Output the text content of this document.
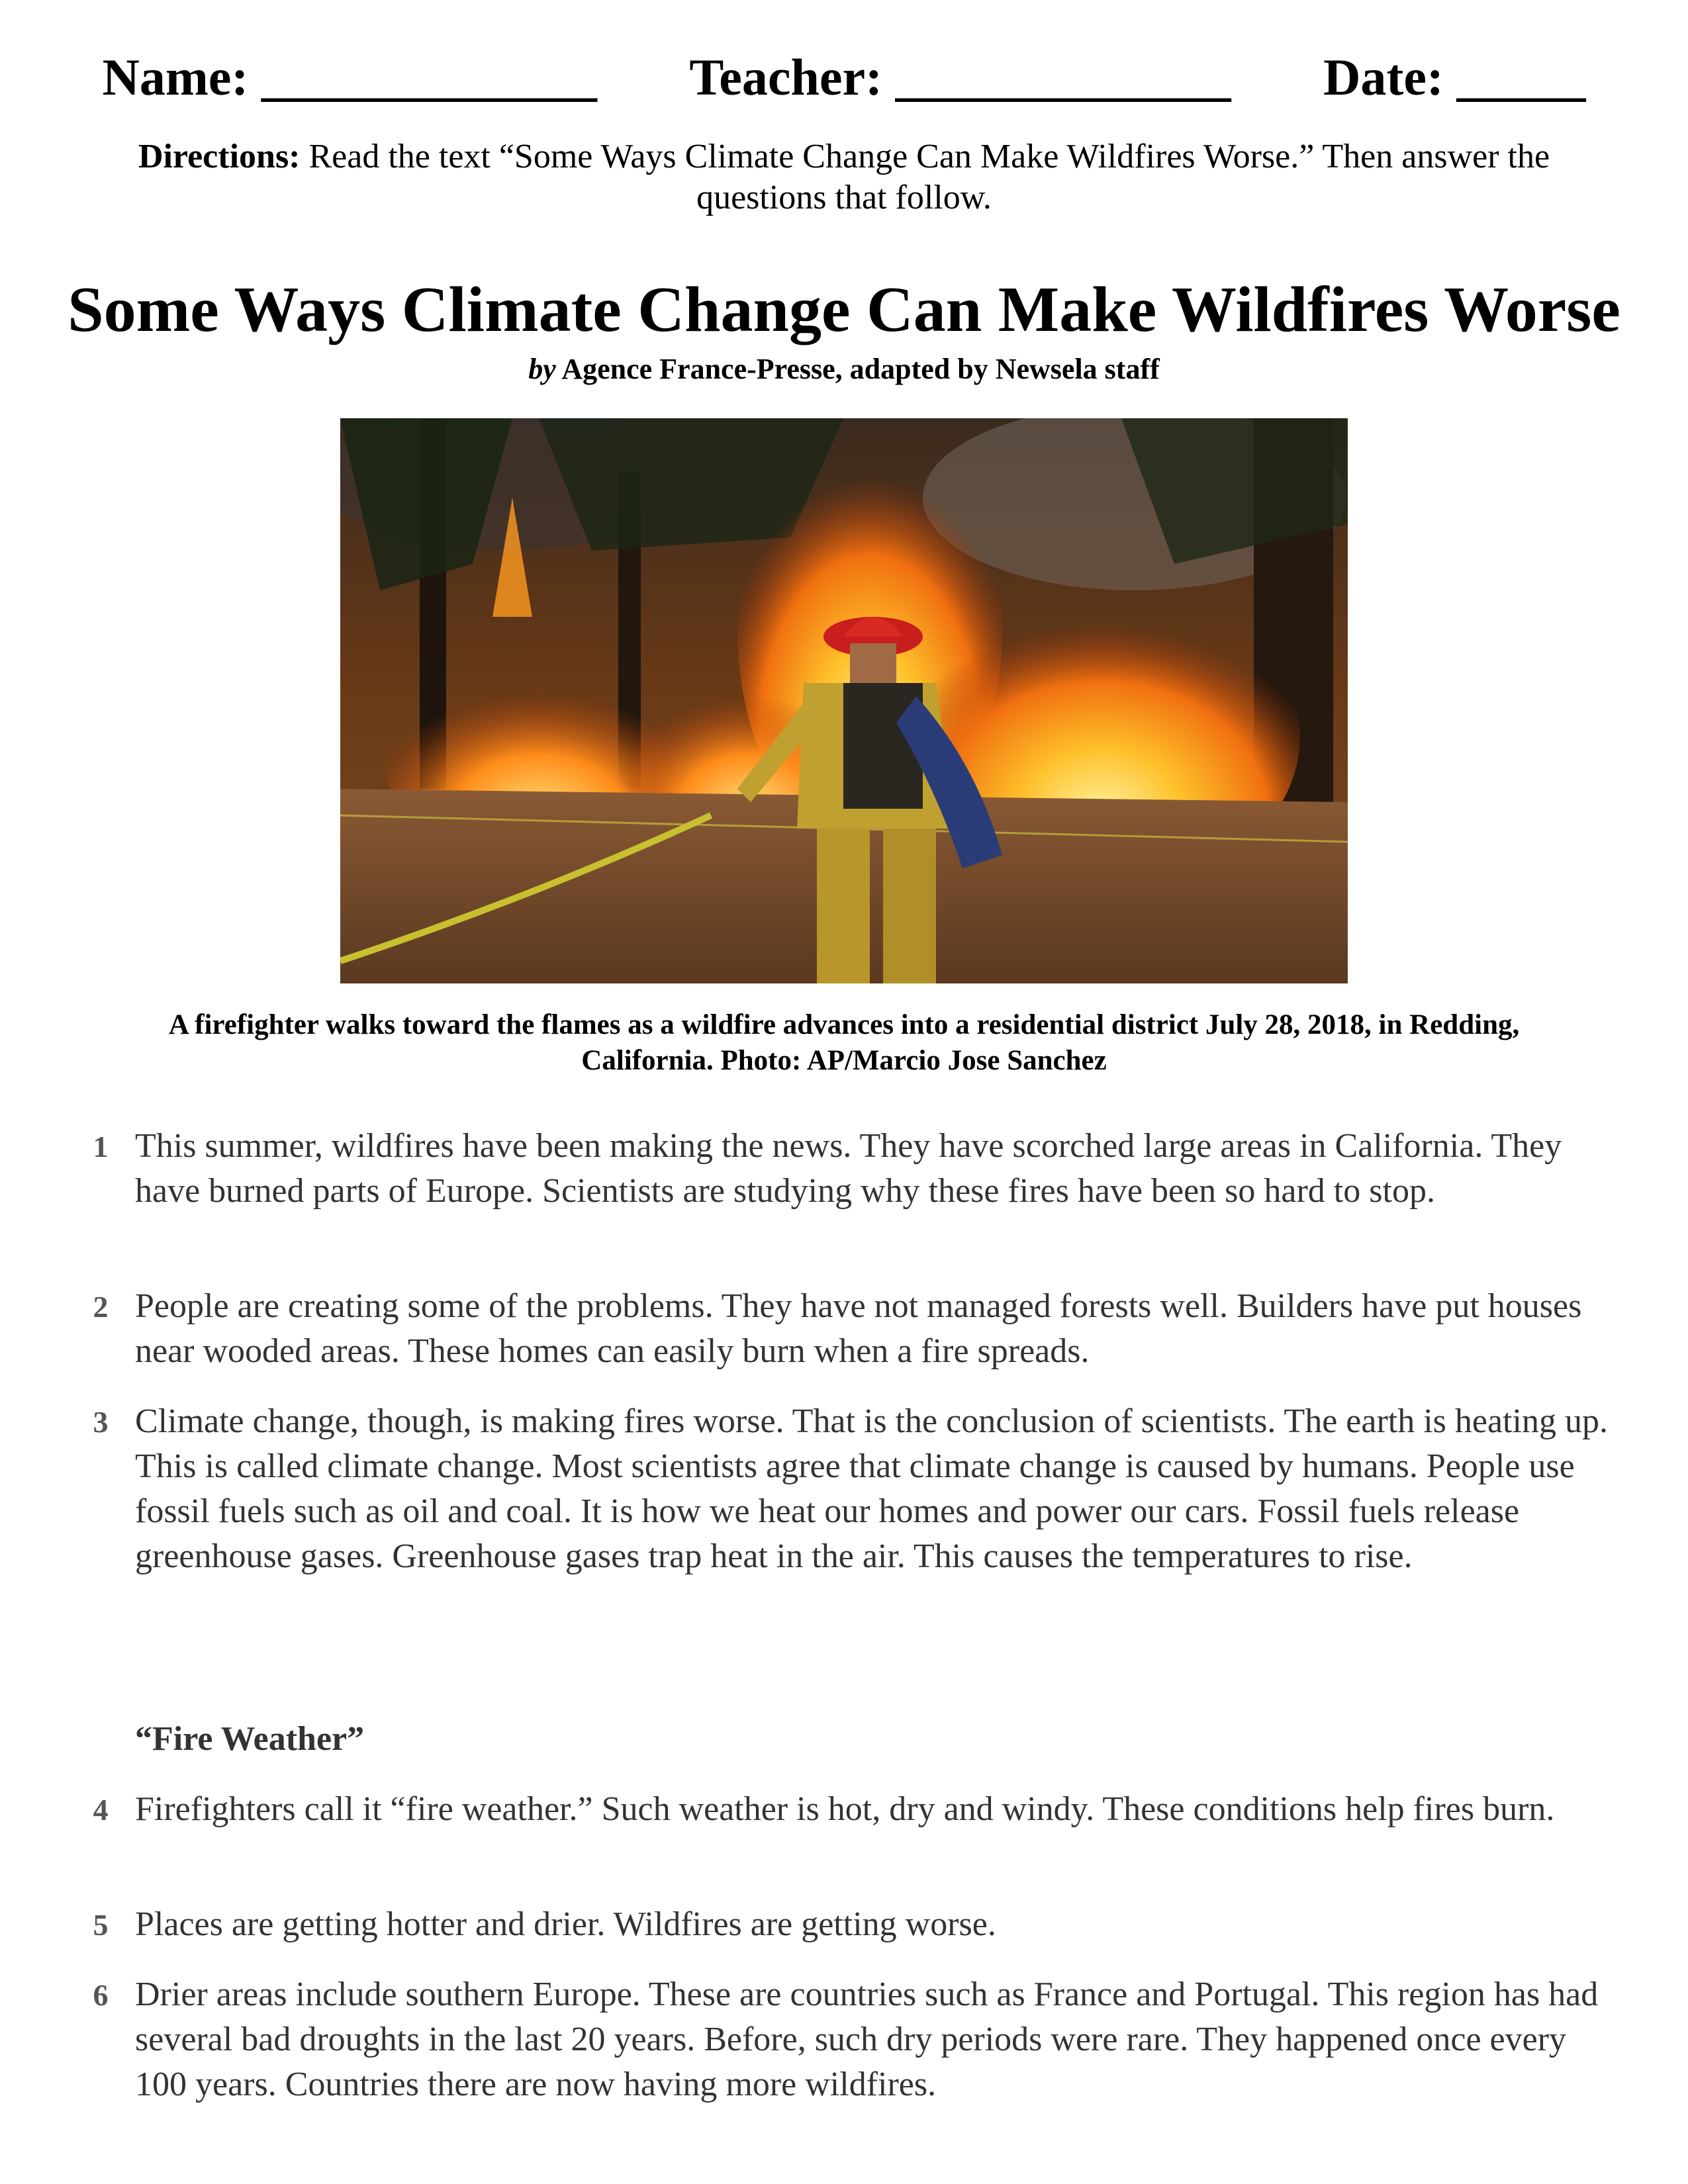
Name: _____________ Teacher: _____________ Date: _____
Directions: Read the text “Some Ways Climate Change Can Make Wildfires Worse.” Then answer the questions that follow.
Some Ways Climate Change Can Make Wildfires Worse
by Agence France-Presse, adapted by Newsela staff
A firefighter walks toward the flames as a wildfire advances into a residential district July 28, 2018, in Redding, California. Photo: AP/Marcio Jose Sanchez
1 This summer, wildfires have been making the news. They have scorched large areas in California. They have burned parts of Europe. Scientists are studying why these fires have been so hard to stop.
2 People are creating some of the problems. They have not managed forests well. Builders have put houses near wooded areas. These homes can easily burn when a fire spreads.
3 Climate change, though, is making fires worse. That is the conclusion of scientists. The earth is heating up. This is called climate change. Most scientists agree that climate change is caused by humans. People use fossil fuels such as oil and coal. It is how we heat our homes and power our cars. Fossil fuels release greenhouse gases. Greenhouse gases trap heat in the air. This causes the temperatures to rise.
“Fire Weather”
4 Firefighters call it “fire weather.” Such weather is hot, dry and windy. These conditions help fires burn.
5 Places are getting hotter and drier. Wildfires are getting worse.
6 Drier areas include southern Europe. These are countries such as France and Portugal. This region has had several bad droughts in the last 20 years. Before, such dry periods were rare. They happened once every 100 years. Countries there are now having more wildfires.
